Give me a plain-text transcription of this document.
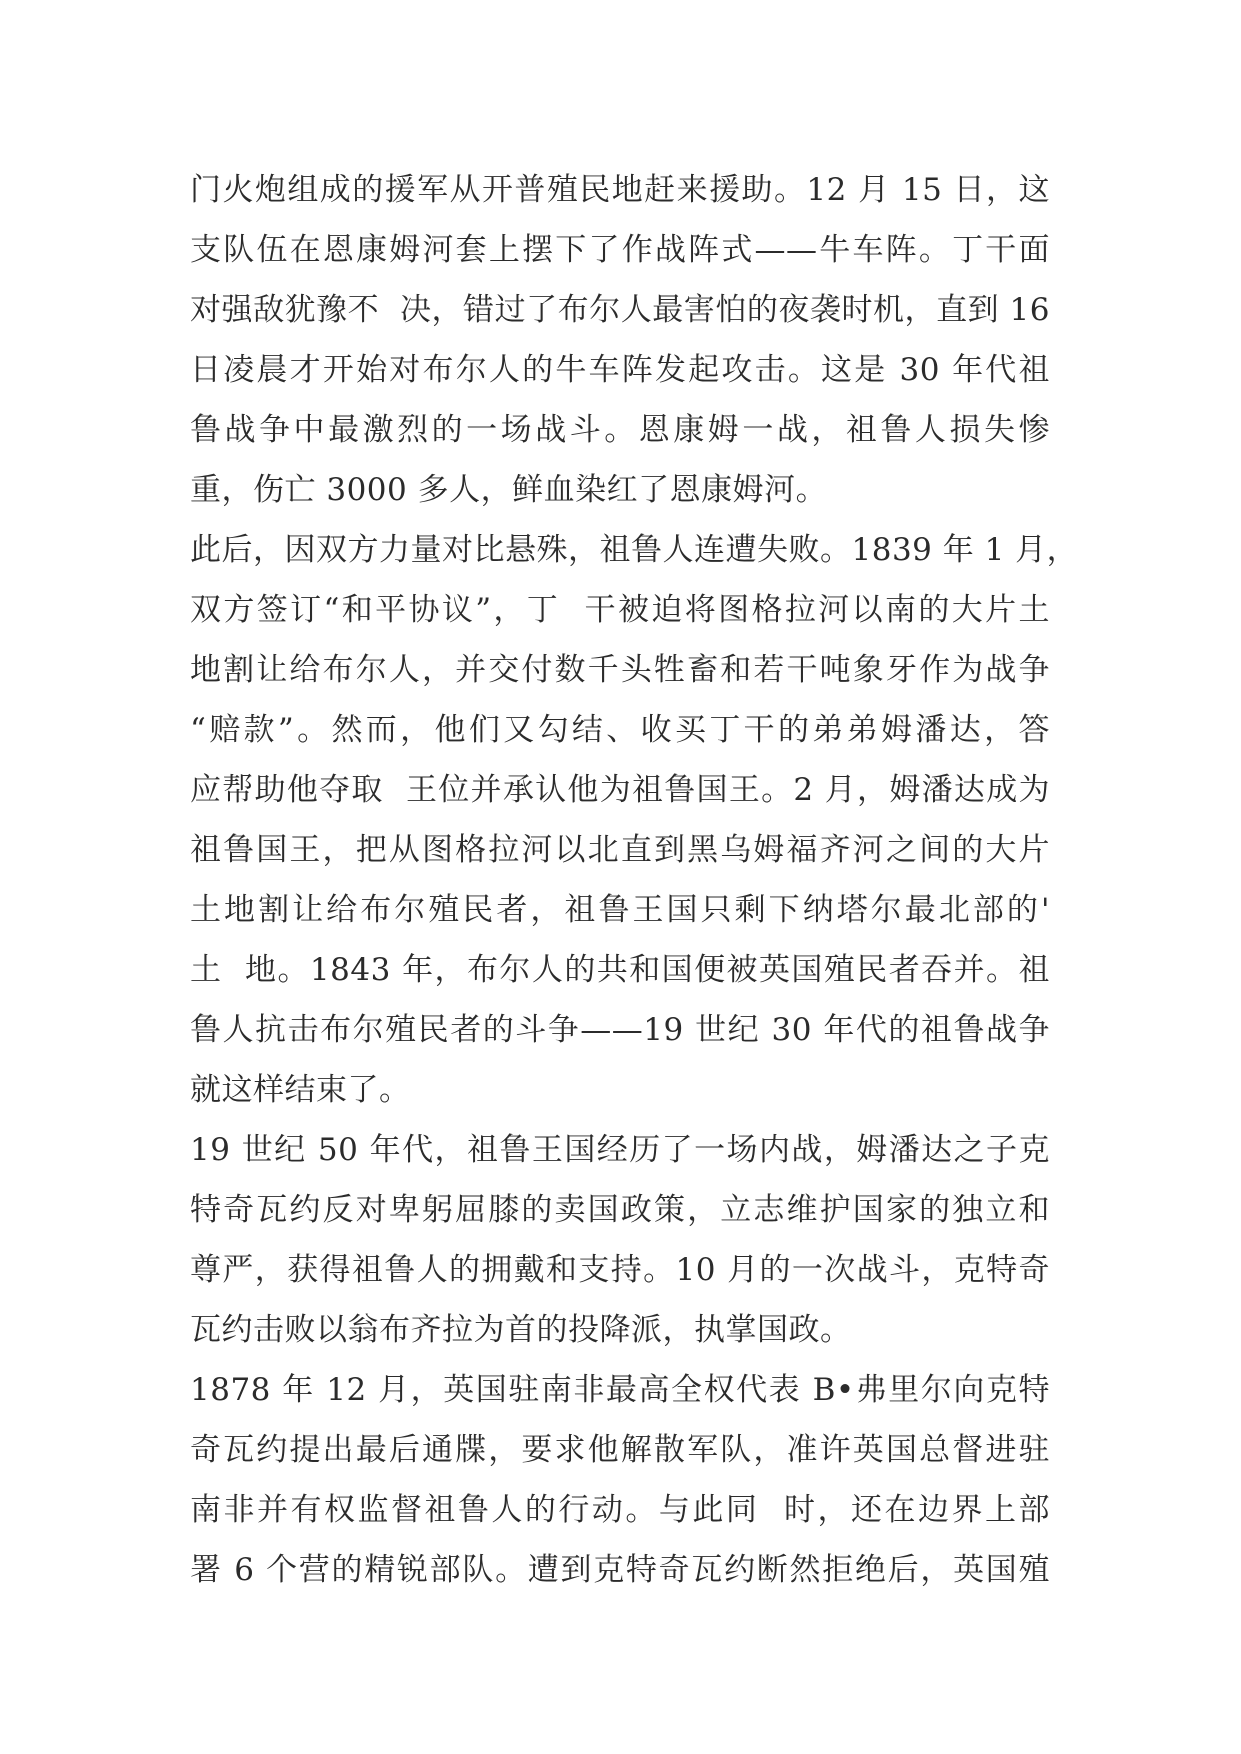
门火炮组成的援军从开普殖民地赶来援助。12 月 15 日，这
支队伍在恩康姆河套上摆下了作战阵式——牛车阵。丁干面
对强敌犹豫不  决，错过了布尔人最害怕的夜袭时机，直到 16
日凌晨才开始对布尔人的牛车阵发起攻击。这是 30 年代祖
鲁战争中最激烈的一场战斗。恩康姆一战，祖鲁人损失惨
重，伤亡 3000 多人，鲜血染红了恩康姆河。
此后，因双方力量对比悬殊，祖鲁人连遭失败。1839 年 1 月，
双方签订“和平协议”，丁  干被迫将图格拉河以南的大片土
地割让给布尔人，并交付数千头牲畜和若干吨象牙作为战争
“赔款”。然而，他们又勾结、收买丁干的弟弟姆潘达，答
应帮助他夺取  王位并承认他为祖鲁国王。2 月，姆潘达成为
祖鲁国王，把从图格拉河以北直到黑乌姆福齐河之间的大片
土地割让给布尔殖民者，祖鲁王国只剩下纳塔尔最北部的'
土  地。1843 年，布尔人的共和国便被英国殖民者吞并。祖
鲁人抗击布尔殖民者的斗争——19 世纪 30 年代的祖鲁战争
就这样结束了。
19 世纪 50 年代，祖鲁王国经历了一场内战，姆潘达之子克
特奇瓦约反对卑躬屈膝的卖国政策，立志维护国家的独立和
尊严，获得祖鲁人的拥戴和支持。10 月的一次战斗，克特奇
瓦约击败以翁布齐拉为首的投降派，执掌国政。
1878 年 12 月，英国驻南非最高全权代表 B•弗里尔向克特
奇瓦约提出最后通牒，要求他解散军队，准许英国总督进驻
南非并有权监督祖鲁人的行动。与此同  时，还在边界上部
署 6 个营的精锐部队。遭到克特奇瓦约断然拒绝后，英国殖
